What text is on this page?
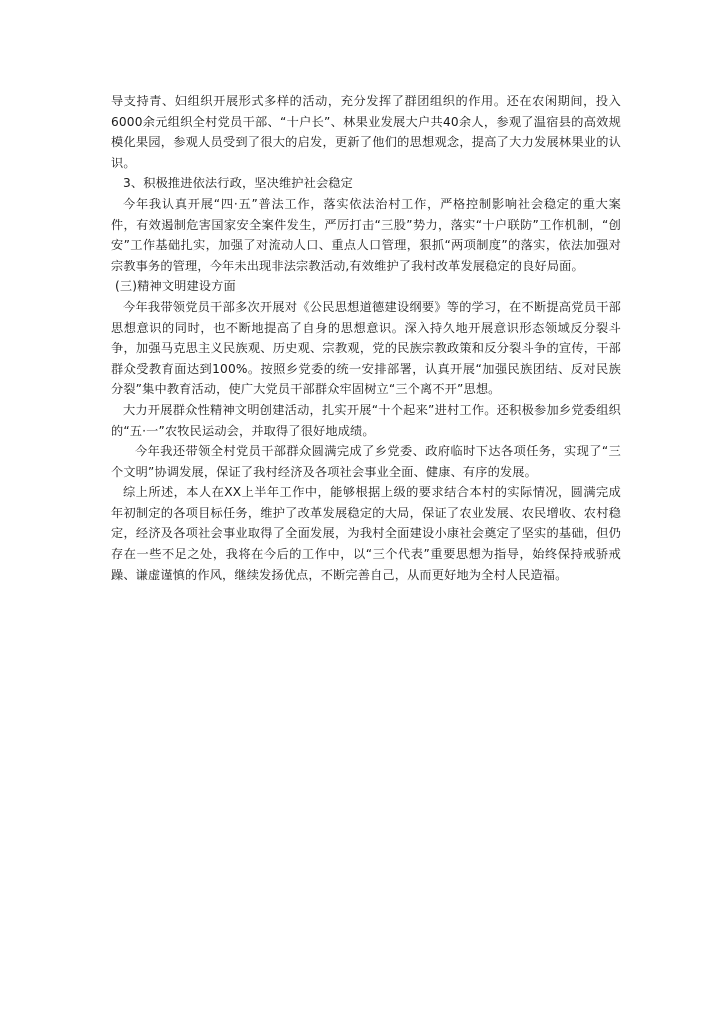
导支持青、妇组织开展形式多样的活动，充分发挥了群团组织的作用。还在农闲期间，投入6000余元组织全村党员干部、“十户长”、林果业发展大户共40余人，参观了温宿县的高效规模化果园，参观人员受到了很大的启发，更新了他们的思想观念，提高了大力发展林果业的认识。

3、积极推进依法行政，坚决维护社会稳定

今年我认真开展“四·五”普法工作，落实依法治村工作，严格控制影响社会稳定的重大案件，有效遏制危害国家安全案件发生，严厉打击“三股”势力，落实“十户联防”工作机制，“创安”工作基础扎实，加强了对流动人口、重点人口管理，狠抓“两项制度”的落实，依法加强对宗教事务的管理，今年未出现非法宗教活动,有效维护了我村改革发展稳定的良好局面。

(三)精神文明建设方面

今年我带领党员干部多次开展对《公民思想道德建设纲要》等的学习，在不断提高党员干部思想意识的同时，也不断地提高了自身的思想意识。深入持久地开展意识形态领域反分裂斗争，加强马克思主义民族观、历史观、宗教观，党的民族宗教政策和反分裂斗争的宣传，干部群众受教育面达到100%。按照乡党委的统一安排部署，认真开展“加强民族团结、反对民族分裂”集中教育活动，使广大党员干部群众牢固树立“三个离不开”思想。

大力开展群众性精神文明创建活动，扎实开展“十个起来”进村工作。还积极参加乡党委组织的“五·一”农牧民运动会，并取得了很好地成绩。

今年我还带领全村党员干部群众圆满完成了乡党委、政府临时下达各项任务，实现了“三个文明”协调发展，保证了我村经济及各项社会事业全面、健康、有序的发展。

综上所述，本人在XX上半年工作中，能够根据上级的要求结合本村的实际情况，圆满完成年初制定的各项目标任务，维护了改革发展稳定的大局，保证了农业发展、农民增收、农村稳定，经济及各项社会事业取得了全面发展，为我村全面建设小康社会奠定了坚实的基础，但仍存在一些不足之处，我将在今后的工作中，以“三个代表”重要思想为指导，始终保持戒骄戒躁、谦虚谨慎的作风，继续发扬优点，不断完善自己，从而更好地为全村人民造福。
